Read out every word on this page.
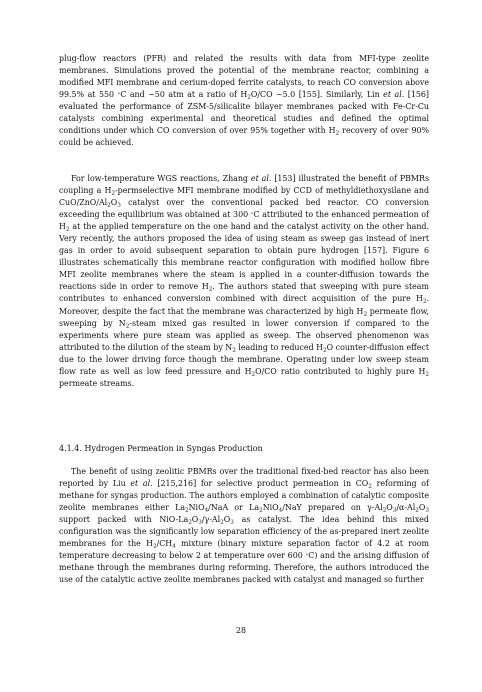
plug-flow reactors (PFR) and related the results with data from MFI-type zeolite membranes. Simulations proved the potential of the membrane reactor, combining a modified MFI membrane and cerium-doped ferrite catalysts, to reach CO conversion above 99.5% at 550 ∘C and ~50 atm at a ratio of $H_2O/CO$ ~5.0 [155]. Similarly, Lin et al. [156] evaluated the performance of ZSM-5/silicalite bilayer membranes packed with Fe-Cr-Cu catalysts combining experimental and theoretical studies and defined the optimal conditions under which CO conversion of over 95% together with $H_2$ recovery of over 90% could be achieved.

For low-temperature WGS reactions, Zhang et al. [153] illustrated the benefit of PBMRs coupling a $H_2$-permselective MFI membrane modified by CCD of methyldiethoxysilane and CuO/$ZnO/Al_2O_3$ catalyst over the conventional packed bed reactor. CO conversion exceeding the equilibrium was obtained at 300 ∘C attributed to the enhanced permeation of $H_2$ at the applied temperature on the one hand and the catalyst activity on the other hand. Very recently, the authors proposed the idea of using steam as sweep gas instead of inert gas in order to avoid subsequent separation to obtain pure hydrogen [157]. Figure 6 illustrates schematically this membrane reactor configuration with modified hollow fibre MFI zeolite membranes where the steam is applied in a counter-diffusion towards the reactions side in order to remove $H_2$. The authors stated that sweeping with pure steam contributes to enhanced conversion combined with direct acquisition of the pure $H_2$. Moreover, despite the fact that the membrane was characterized by high $H_2$ permeate flow, sweeping by $N_2$-steam mixed gas resulted in lower conversion if compared to the experiments where pure steam was applied as sweep. The observed phenomenon was attributed to the dilution of the steam by $N_2$ leading to reduced $H_2O$ counter-diffusion effect due to the lower driving force though the membrane. Operating under low sweep steam flow rate as well as low feed pressure and $H_2O/CO$ ratio contributed to highly pure $H_2$ permeate streams.

4.1.4. Hydrogen Permeation in Syngas Production

The benefit of using zeolitic PBMRs over the traditional fixed-bed reactor has also been reported by Liu et al. [215,216] for selective product permeation in $CO_2$ reforming of methane for syngas production. The authors employed a combination of catalytic composite zeolite membranes either $La_2NiO_4$/NaA or $La_2NiO_4$/NaY prepared on $\gamma-Al_2O_3/\alpha-Al_2O_3$ support packed with NiO-$La_2O_3/\gamma-Al_2O_3$ as catalyst. The idea behind this mixed configuration was the significantly low separation efficiency of the as-prepared inert zeolite membranes for the $H_2/CH_4$ mixture (binary mixture separation factor of 4.2 at room temperature decreasing to below 2 at temperature over 600 ∘C) and the arising diffusion of methane through the membranes during reforming. Therefore, the authors introduced the use of the catalytic active zeolite membranes packed with catalyst and managed so further

28
